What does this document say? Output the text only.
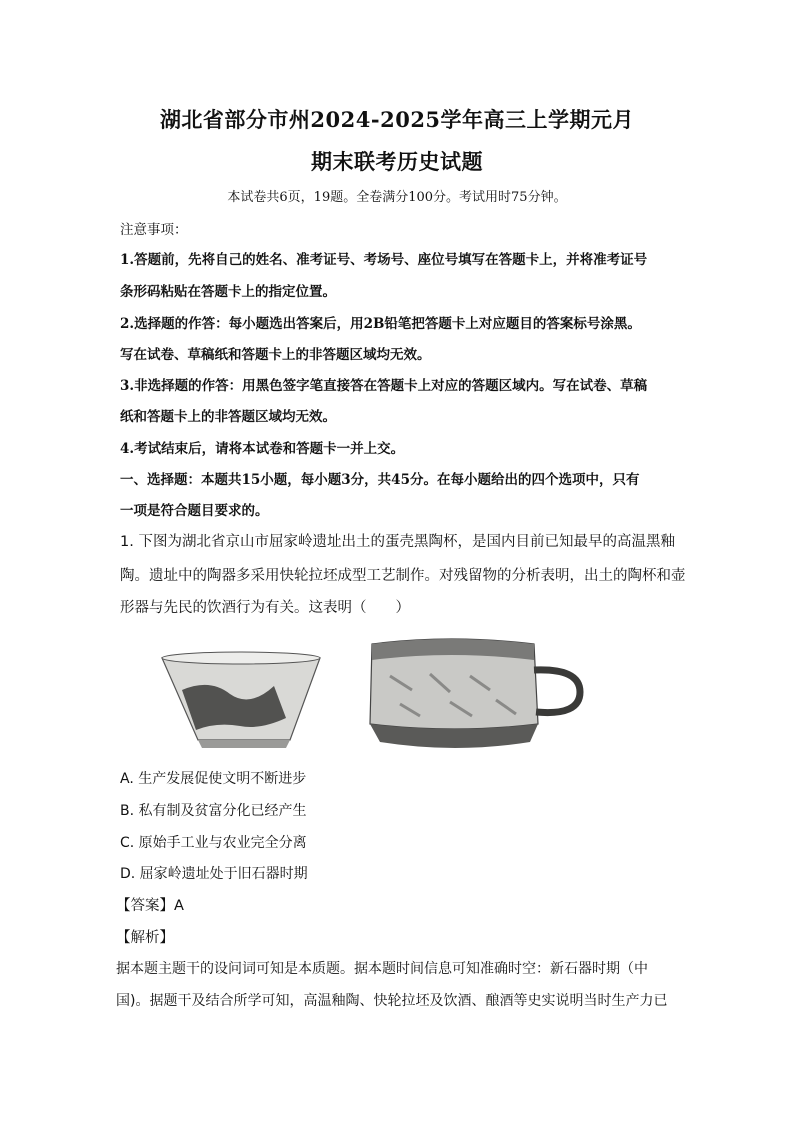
湖北省部分市州2024-2025学年高三上学期元月
期末联考历史试题
本试卷共6页，19题。全卷满分100分。考试用时75分钟。
注意事项：
1.答题前，先将自己的姓名、准考证号、考场号、座位号填写在答题卡上，并将准考证号
条形码粘贴在答题卡上的指定位置。
2.选择题的作答：每小题选出答案后，用2B铅笔把答题卡上对应题目的答案标号涂黑。
写在试卷、草稿纸和答题卡上的非答题区域均无效。
3.非选择题的作答：用黑色签字笔直接答在答题卡上对应的答题区域内。写在试卷、草稿
纸和答题卡上的非答题区域均无效。
4.考试结束后，请将本试卷和答题卡一并上交。
一、选择题：本题共15小题，每小题3分，共45分。在每小题给出的四个选项中，只有
一项是符合题目要求的。
1. 下图为湖北省京山市屈家岭遗址出土的蛋壳黑陶杯，是国内目前已知最早的高温黑釉
陶。遗址中的陶器多采用快轮拉坯成型工艺制作。对残留物的分析表明，出土的陶杯和壶
形器与先民的饮酒行为有关。这表明（　　）
A. 生产发展促使文明不断进步
B. 私有制及贫富分化已经产生
C. 原始手工业与农业完全分离
D. 屈家岭遗址处于旧石器时期
【答案】A
【解析】
据本题主题干的设问词可知是本质题。据本题时间信息可知准确时空：新石器时期（中
国)。据题干及结合所学可知，高温釉陶、快轮拉坯及饮酒、酿酒等史实说明当时生产力已
